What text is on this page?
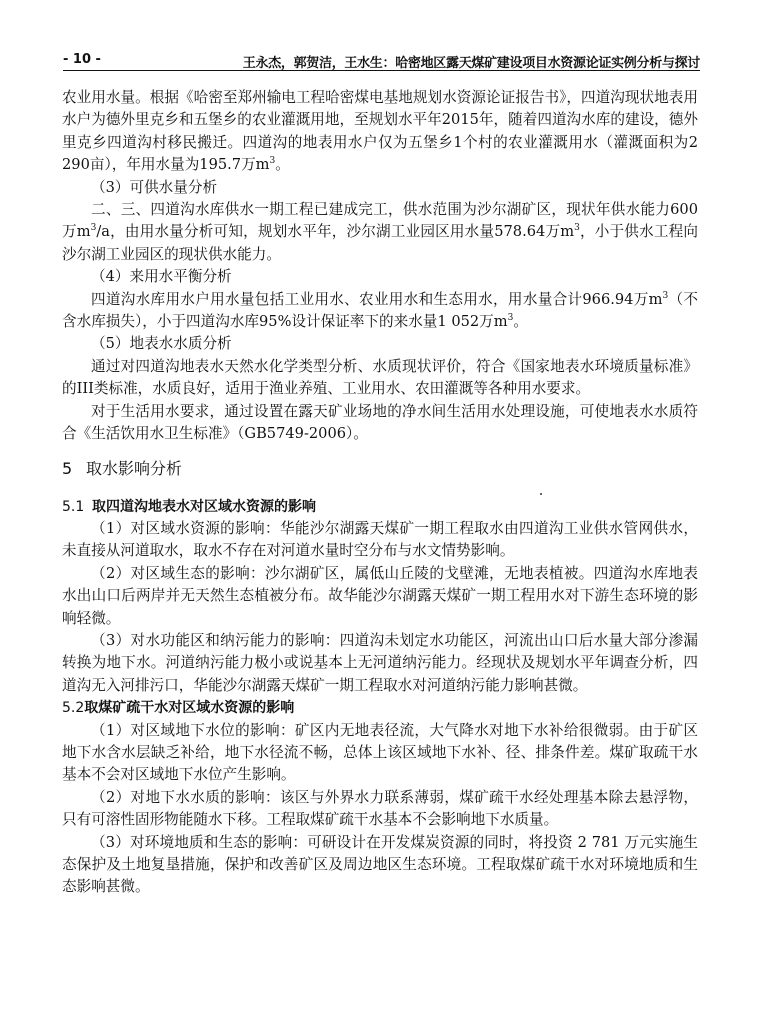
- 10 -	王永杰，郭贺洁，王水生：哈密地区露天煤矿建设项目水资源论证实例分析与探讨

农业用水量。根据《哈密至郑州输电工程哈密煤电基地规划水资源论证报告书》，四道沟现状地表用水户为德外里克乡和五堡乡的农业灌溉用地，至规划水平年2015年，随着四道沟水库的建设，德外里克乡四道沟村移民搬迁。四道沟的地表用水户仅为五堡乡1个村的农业灌溉用水（灌溉面积为2 290亩），年用水量为195.7万$m^3$。

（3）可供水量分析

二、三、四道沟水库供水一期工程已建成完工，供水范围为沙尔湖矿区，现状年供水能力600万$m^3/a$，由用水量分析可知，规划水平年，沙尔湖工业园区用水量578.64万$m^3$，小于供水工程向沙尔湖工业园区的现状供水能力。

（4）来用水平衡分析

四道沟水库用水户用水量包括工业用水、农业用水和生态用水，用水量合计966.94万$m^3$（不含水库损失），小于四道沟水库95%设计保证率下的来水量1 052万$m^3$。

（5）地表水水质分析

通过对四道沟地表水天然水化学类型分析、水质现状评价，符合《国家地表水环境质量标准》的III类标准，水质良好，适用于渔业养殖、工业用水、农田灌溉等各种用水要求。

对于生活用水要求，通过设置在露天矿业场地的净水间生活用水处理设施，可使地表水水质符合《生活饮用水卫生标准》（GB5749-2006）。

5 取水影响分析
5.1 取四道沟地表水对区域水资源的影响

（1）对区域水资源的影响：华能沙尔湖露天煤矿一期工程取水由四道沟工业供水管网供水，未直接从河道取水，取水不存在对河道水量时空分布与水文情势影响。

（2）对区域生态的影响：沙尔湖矿区，属低山丘陵的戈壁滩，无地表植被。四道沟水库地表水出山口后两岸并无天然生态植被分布。故华能沙尔湖露天煤矿一期工程用水对下游生态环境的影响轻微。

（3）对水功能区和纳污能力的影响：四道沟未划定水功能区，河流出山口后水量大部分渗漏转换为地下水。河道纳污能力极小或说基本上无河道纳污能力。经现状及规划水平年调查分析，四道沟无入河排污口，华能沙尔湖露天煤矿一期工程取水对河道纳污能力影响甚微。

5.2取煤矿疏干水对区域水资源的影响

（1）对区域地下水位的影响：矿区内无地表径流，大气降水对地下水补给很微弱。由于矿区地下水含水层缺乏补给，地下水径流不畅，总体上该区域地下水补、径、排条件差。煤矿取疏干水基本不会对区域地下水位产生影响。

（2）对地下水水质的影响：该区与外界水力联系薄弱，煤矿疏干水经处理基本除去悬浮物，只有可溶性固形物能随水下移。工程取煤矿疏干水基本不会影响地下水质量。

（3）对环境地质和生态的影响：可研设计在开发煤炭资源的同时，将投资 2 781 万元实施生态保护及土地复垦措施，保护和改善矿区及周边地区生态环境。工程取煤矿疏干水对环境地质和生态影响甚微。
